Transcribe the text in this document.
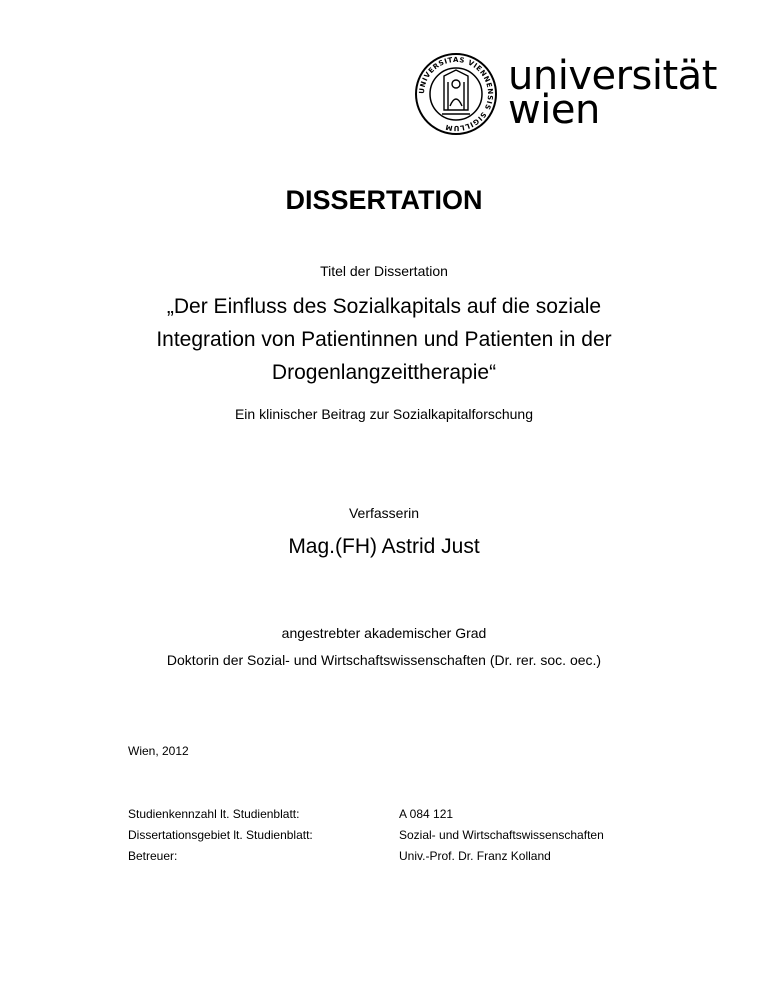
UNIVERSITAS VIENNENSIS SIGILLUM
universität
wien
DISSERTATION
Titel der Dissertation
„Der Einfluss des Sozialkapitals auf die soziale
Integration von Patientinnen und Patienten in der
Drogenlangzeittherapie“
Ein klinischer Beitrag zur Sozialkapitalforschung
Verfasserin
Mag.(FH) Astrid Just
angestrebter akademischer Grad
Doktorin der Sozial- und Wirtschaftswissenschaften (Dr. rer. soc. oec.)
Wien, 2012
Studienkennzahl lt. Studienblatt:	A 084 121
Dissertationsgebiet lt. Studienblatt:	Sozial- und Wirtschaftswissenschaften
Betreuer:	Univ.-Prof. Dr. Franz Kolland
